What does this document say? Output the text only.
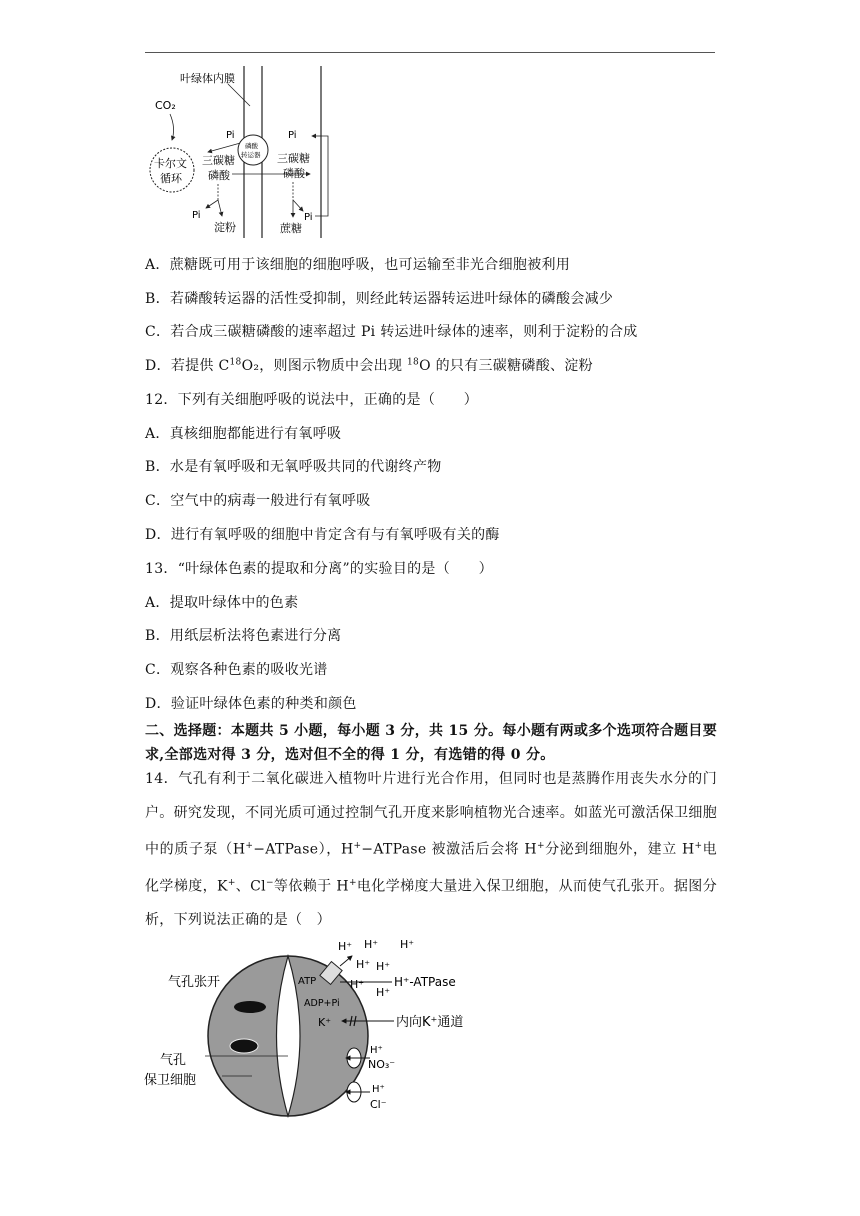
叶绿体内膜
CO₂
卡尔文
循环
Pi
三碳糖
磷酸
磷酸
转运器
Pi
三碳糖
磷酸
Pi
淀粉
Pi
蔗糖
A．蔗糖既可用于该细胞的细胞呼吸，也可运输至非光合细胞被利用
B．若磷酸转运器的活性受抑制，则经此转运器转运进叶绿体的磷酸会减少
C．若合成三碳糖磷酸的速率超过 Pi 转运进叶绿体的速率，则利于淀粉的合成
D．若提供 $C^{18}O_2$，则图示物质中会出现 $^{18}$O 的只有三碳糖磷酸、淀粉
12．下列有关细胞呼吸的说法中，正确的是（　　）
A．真核细胞都能进行有氧呼吸
B．水是有氧呼吸和无氧呼吸共同的代谢终产物
C．空气中的病毒一般进行有氧呼吸
D．进行有氧呼吸的细胞中肯定含有与有氧呼吸有关的酶
13．“叶绿体色素的提取和分离”的实验目的是（　　）
A．提取叶绿体中的色素
B．用纸层析法将色素进行分离
C．观察各种色素的吸收光谱
D．验证叶绿体色素的种类和颜色
二、选择题：本题共 5 小题，每小题 3 分，共 15 分。每小题有两或多个选项符合题目要求,全部选对得 3 分，选对但不全的得 1 分，有选错的得 0 分。
14．气孔有利于二氧化碳进入植物叶片进行光合作用，但同时也是蒸腾作用丧失水分的门户。研究发现，不同光质可通过控制气孔开度来影响植物光合速率。如蓝光可激活保卫细胞中的质子泵（H+−ATPase），H+−ATPase 被激活后会将 H+分泌到细胞外，建立 H+电化学梯度，K+、Cl−等依赖于 H+电化学梯度大量进入保卫细胞，从而使气孔张开。据图分析，下列说法正确的是（　）
气孔张开
气孔
保卫细胞
ATP
ADP+Pi
H⁺ H⁺ H⁺
H⁺ H⁺
H⁺
H⁺
H⁺-ATPase
K⁺	内向K⁺通道
H⁺
NO₃⁻
H⁺
Cl⁻
